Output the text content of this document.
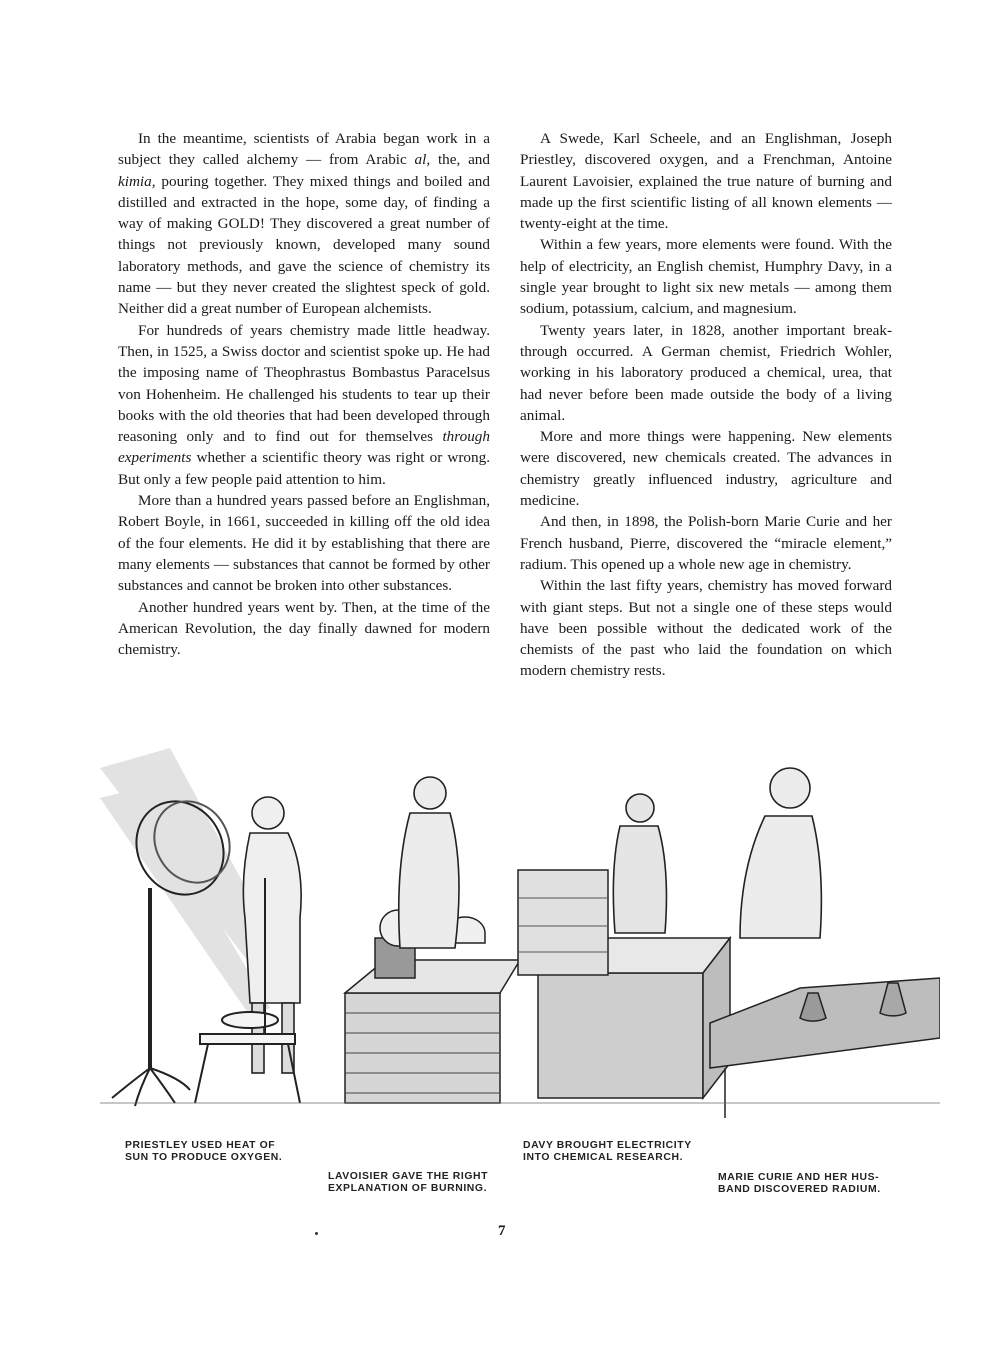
In the meantime, scientists of Arabia began work in a subject they called alchemy — from Arabic al, the, and kimia, pouring together. They mixed things and boiled and distilled and extracted in the hope, some day, of finding a way of making GOLD! They discovered a great number of things not previously known, developed many sound laboratory methods, and gave the science of chemistry its name — but they never created the slightest speck of gold. Neither did a great number of European alchemists.

For hundreds of years chemistry made little headway. Then, in 1525, a Swiss doctor and scientist spoke up. He had the imposing name of Theophrastus Bombastus Paracelsus von Hohenheim. He challenged his students to tear up their books with the old theories that had been developed through reasoning only and to find out for themselves through experiments whether a scientific theory was right or wrong. But only a few people paid attention to him.

More than a hundred years passed before an Englishman, Robert Boyle, in 1661, succeeded in killing off the old idea of the four elements. He did it by establishing that there are many elements — substances that cannot be formed by other substances and cannot be broken into other substances.

Another hundred years went by. Then, at the time of the American Revolution, the day finally dawned for modern chemistry.

A Swede, Karl Scheele, and an Englishman, Joseph Priestley, discovered oxygen, and a Frenchman, Antoine Laurent Lavoisier, explained the true nature of burning and made up the first scientific listing of all known elements — twenty-eight at the time.

Within a few years, more elements were found. With the help of electricity, an English chemist, Humphry Davy, in a single year brought to light six new metals — among them sodium, potassium, calcium, and magnesium.

Twenty years later, in 1828, another important break-through occurred. A German chemist, Friedrich Wohler, working in his laboratory produced a chemical, urea, that had never before been made outside the body of a living animal.

More and more things were happening. New elements were discovered, new chemicals created. The advances in chemistry greatly influenced industry, agriculture and medicine.

And then, in 1898, the Polish-born Marie Curie and her French husband, Pierre, discovered the “miracle element,” radium. This opened up a whole new age in chemistry.

Within the last fifty years, chemistry has moved forward with giant steps. But not a single one of these steps would have been possible without the dedicated work of the chemists of the past who laid the foundation on which modern chemistry rests.

PRIESTLEY USED HEAT OF
SUN TO PRODUCE OXYGEN.
LAVOISIER GAVE THE RIGHT
EXPLANATION OF BURNING.
DAVY BROUGHT ELECTRICITY
INTO CHEMICAL RESEARCH.
MARIE CURIE AND HER HUS-
BAND DISCOVERED RADIUM.
7
